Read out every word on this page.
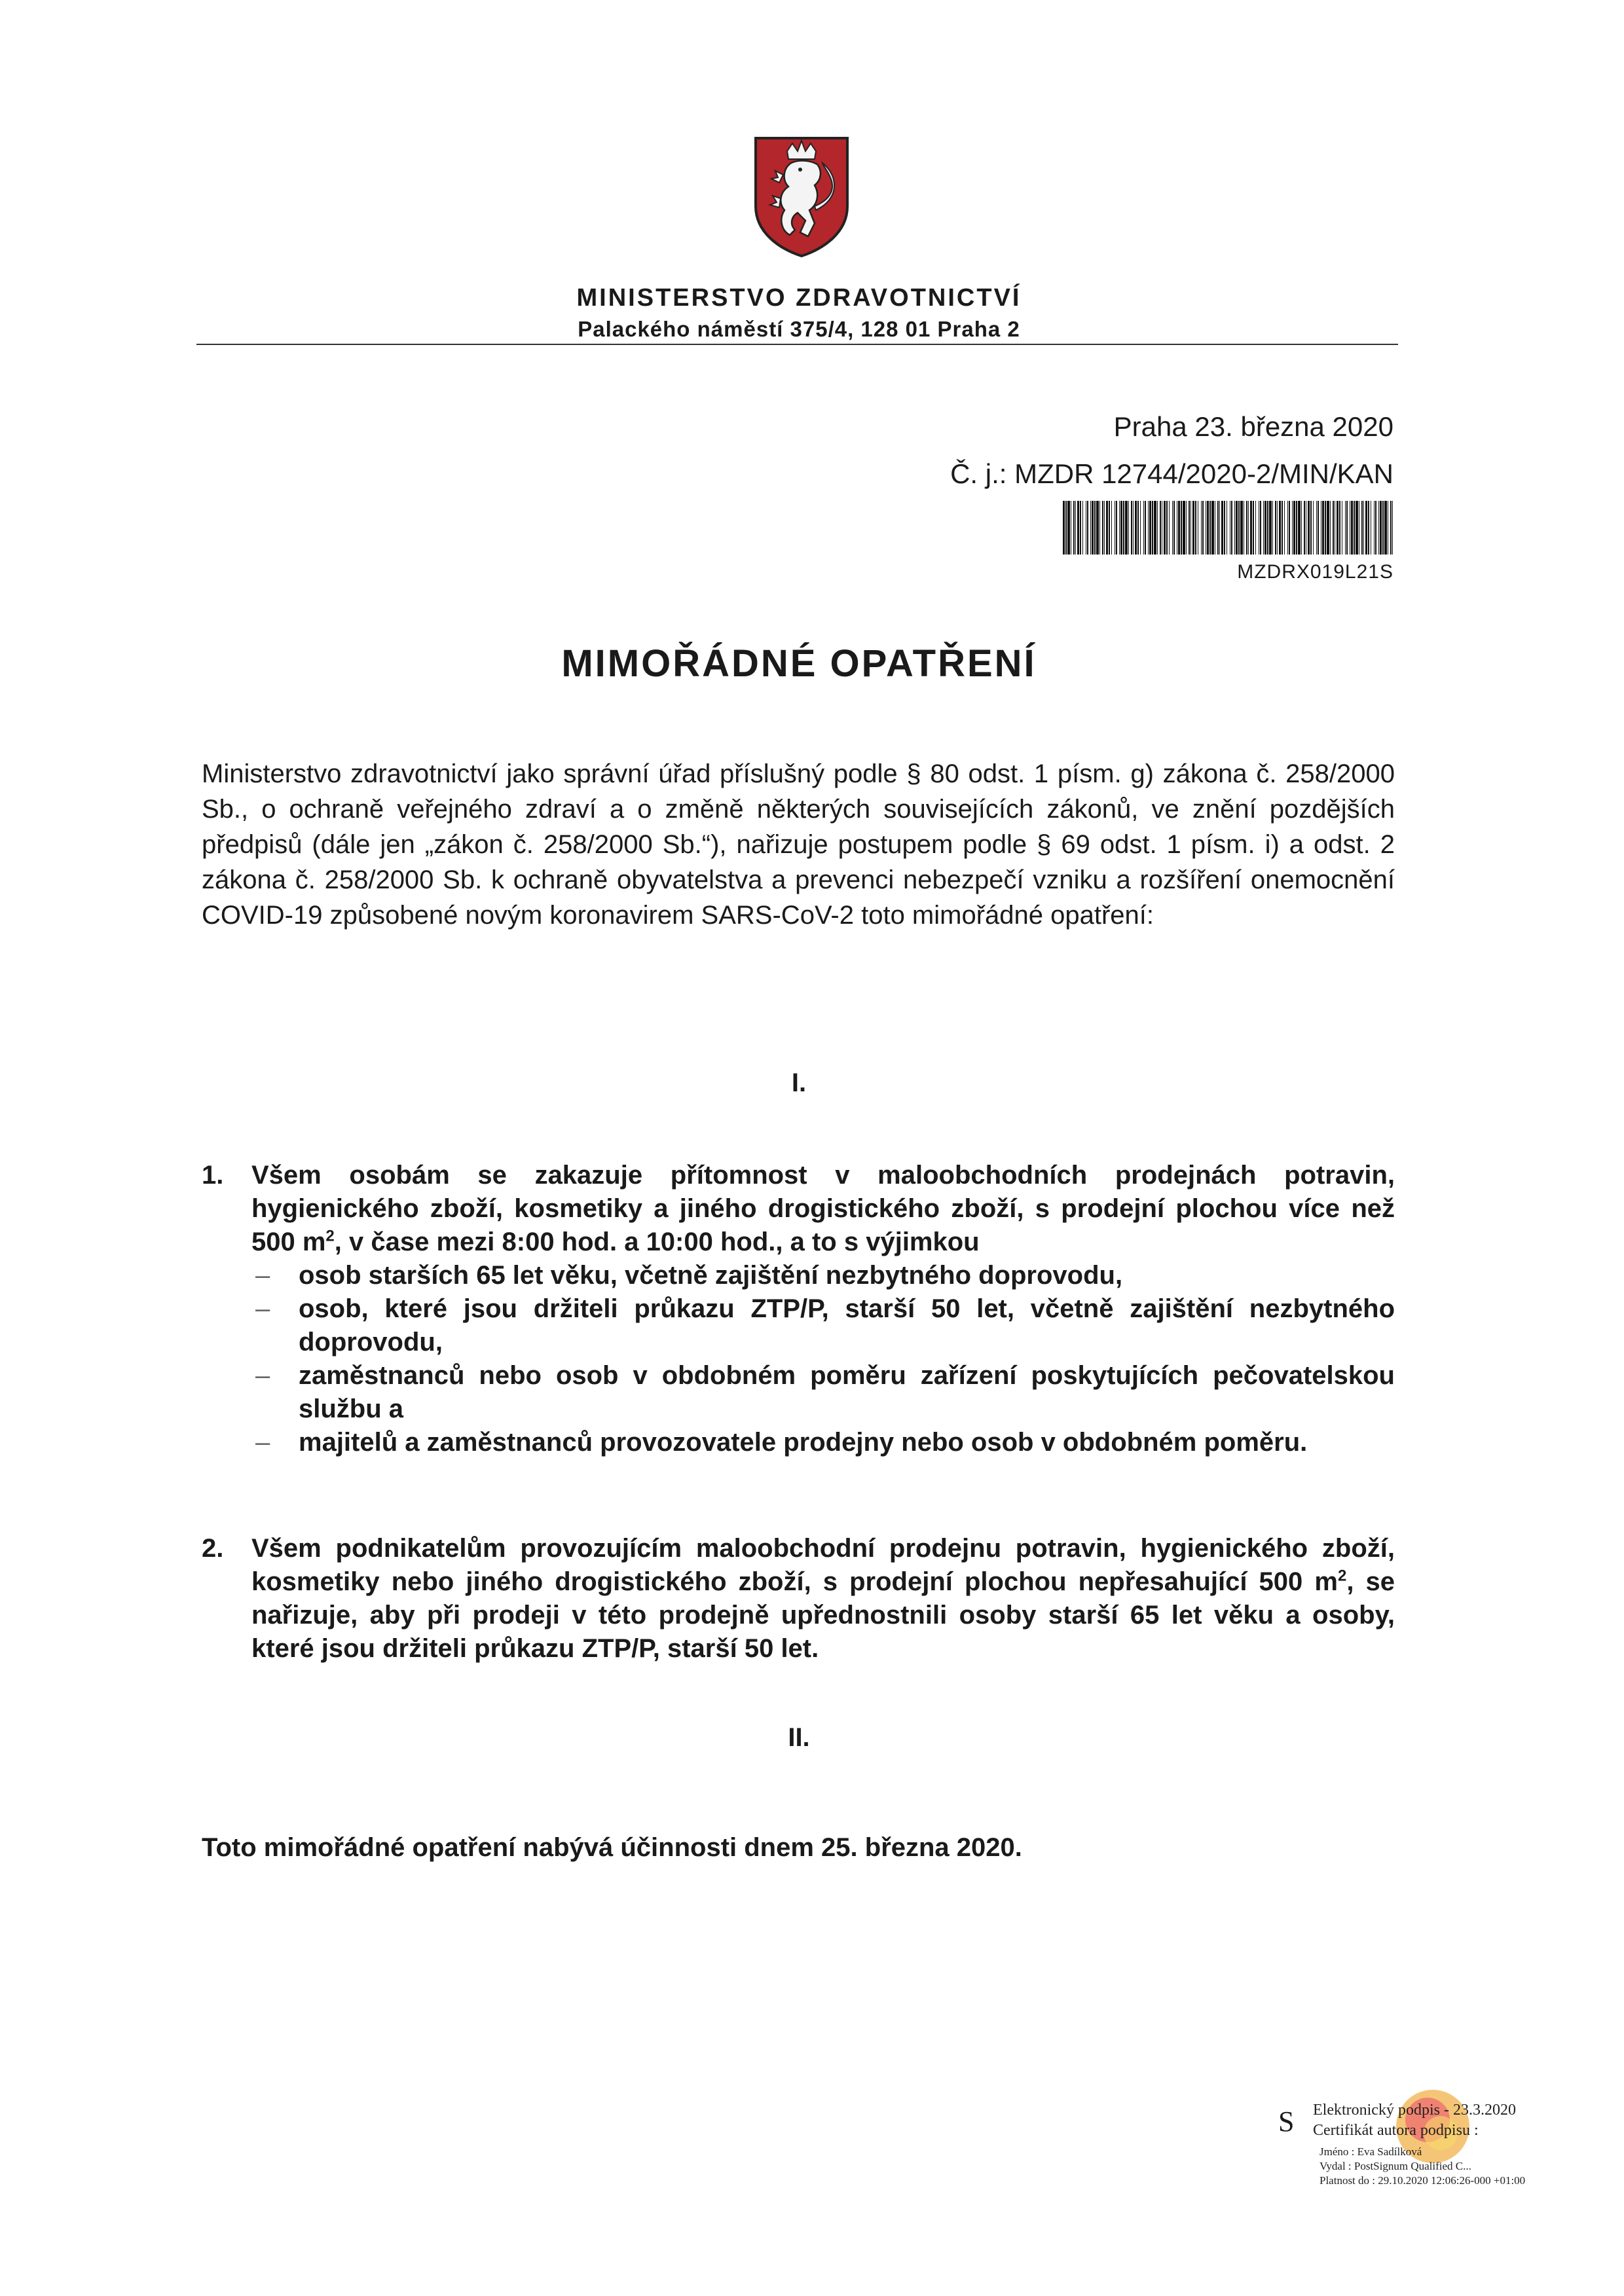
MINISTERSTVO ZDRAVOTNICTVÍ
Palackého náměstí 375/4, 128 01 Praha 2
Praha 23. března 2020
Č. j.: MZDR 12744/2020-2/MIN/KAN
MZDRX019L21S
MIMOŘÁDNÉ OPATŘENÍ
Ministerstvo zdravotnictví jako správní úřad příslušný podle § 80 odst. 1 písm. g) zákona č. 258/2000 Sb., o ochraně veřejného zdraví a o změně některých souvisejících zákonů, ve znění pozdějších předpisů (dále jen „zákon č. 258/2000 Sb.“), nařizuje postupem podle § 69 odst. 1 písm. i) a odst. 2 zákona č. 258/2000 Sb. k ochraně obyvatelstva a prevenci nebezpečí vzniku a rozšíření onemocnění COVID-19 způsobené novým koronavirem SARS-CoV-2 toto mimořádné opatření:
I.
1. Všem osobám se zakazuje přítomnost v maloobchodních prodejnách potravin, hygienického zboží, kosmetiky a jiného drogistického zboží, s prodejní plochou více než 500 $m^2$, v čase mezi 8:00 hod. a 10:00 hod., a to s výjimkou
– osob starších 65 let věku, včetně zajištění nezbytného doprovodu,
– osob, které jsou držiteli průkazu ZTP/P, starší 50 let, včetně zajištění nezbytného doprovodu,
– zaměstnanců nebo osob v obdobném poměru zařízení poskytujících pečovatelskou službu a
– majitelů a zaměstnanců provozovatele prodejny nebo osob v obdobném poměru.
2. Všem podnikatelům provozujícím maloobchodní prodejnu potravin, hygienického zboží, kosmetiky nebo jiného drogistického zboží, s prodejní plochou nepřesahující 500 $m^2$, se nařizuje, aby při prodeji v této prodejně upřednostnili osoby starší 65 let věku a osoby, které jsou držiteli průkazu ZTP/P, starší 50 let.
II.
Toto mimořádné opatření nabývá účinnosti dnem 25. března 2020.
S Elektronický podpis - 23.3.2020
Certifikát autora podpisu :
Jméno : Eva Sadílková
Vydal : PostSignum Qualified C...
Platnost do : 29.10.2020 12:06:26-000 +01:00
